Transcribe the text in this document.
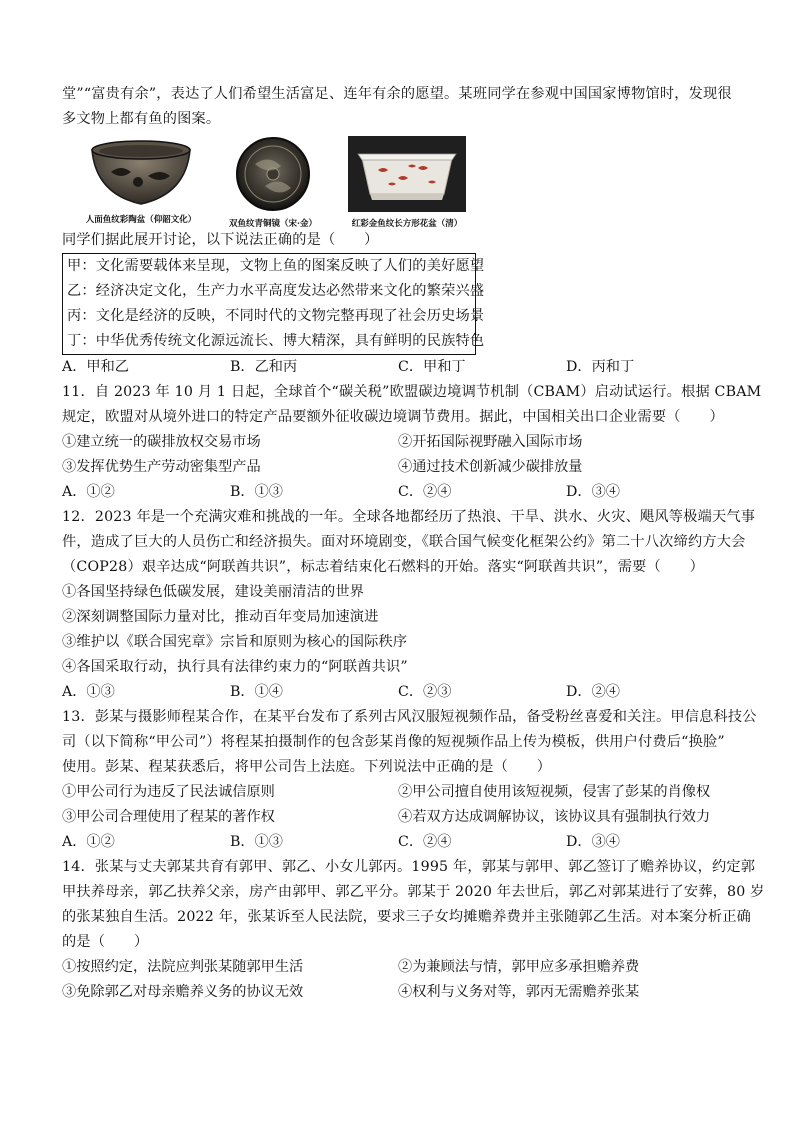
堂”“富贵有余”，表达了人们希望生活富足、连年有余的愿望。某班同学在参观中国国家博物馆时，发现很
多文物上都有鱼的图案。
人面鱼纹彩陶盆（仰韶文化）	双鱼纹青铜镜（宋·金）	红彩金鱼纹长方形花盆（清）
同学们据此展开讨论，以下说法正确的是（　　）
甲：文化需要载体来呈现，文物上鱼的图案反映了人们的美好愿望
乙：经济决定文化，生产力水平高度发达必然带来文化的繁荣兴盛
丙：文化是经济的反映，不同时代的文物完整再现了社会历史场景
丁：中华优秀传统文化源远流长、博大精深，具有鲜明的民族特色
A．甲和乙	B．乙和丙	C．甲和丁	D．丙和丁
11．自 2023 年 10 月 1 日起，全球首个“碳关税”欧盟碳边境调节机制（CBAM）启动试运行。根据 CBAM
规定，欧盟对从境外进口的特定产品要额外征收碳边境调节费用。据此，中国相关出口企业需要（　　）
①建立统一的碳排放权交易市场	②开拓国际视野融入国际市场
③发挥优势生产劳动密集型产品	④通过技术创新减少碳排放量
A．①②	B．①③	C．②④	D．③④
12．2023 年是一个充满灾难和挑战的一年。全球各地都经历了热浪、干旱、洪水、火灾、飓风等极端天气事
件，造成了巨大的人员伤亡和经济损失。面对环境剧变，《联合国气候变化框架公约》第二十八次缔约方大会
（COP28）艰辛达成“阿联酋共识”，标志着结束化石燃料的开始。落实“阿联酋共识”，需要（　　）
①各国坚持绿色低碳发展，建设美丽清洁的世界
②深刻调整国际力量对比，推动百年变局加速演进
③维护以《联合国宪章》宗旨和原则为核心的国际秩序
④各国采取行动，执行具有法律约束力的“阿联酋共识”
A．①③	B．①④	C．②③	D．②④
13．彭某与摄影师程某合作，在某平台发布了系列古风汉服短视频作品，备受粉丝喜爱和关注。甲信息科技公
司（以下简称“甲公司”）将程某拍摄制作的包含彭某肖像的短视频作品上传为模板，供用户付费后“换脸”
使用。彭某、程某获悉后，将甲公司告上法庭。下列说法中正确的是（　　）
①甲公司行为违反了民法诚信原则	②甲公司擅自使用该短视频，侵害了彭某的肖像权
③甲公司合理使用了程某的著作权	④若双方达成调解协议，该协议具有强制执行效力
A．①②	B．①③	C．②④	D．③④
14．张某与丈夫郭某共育有郭甲、郭乙、小女儿郭丙。1995 年，郭某与郭甲、郭乙签订了赡养协议，约定郭
甲扶养母亲，郭乙扶养父亲，房产由郭甲、郭乙平分。郭某于 2020 年去世后，郭乙对郭某进行了安葬，80 岁
的张某独自生活。2022 年，张某诉至人民法院，要求三子女均摊赡养费并主张随郭乙生活。对本案分析正确
的是（　　）
①按照约定，法院应判张某随郭甲生活	②为兼顾法与情，郭甲应多承担赡养费
③免除郭乙对母亲赡养义务的协议无效	④权利与义务对等，郭丙无需赡养张某
